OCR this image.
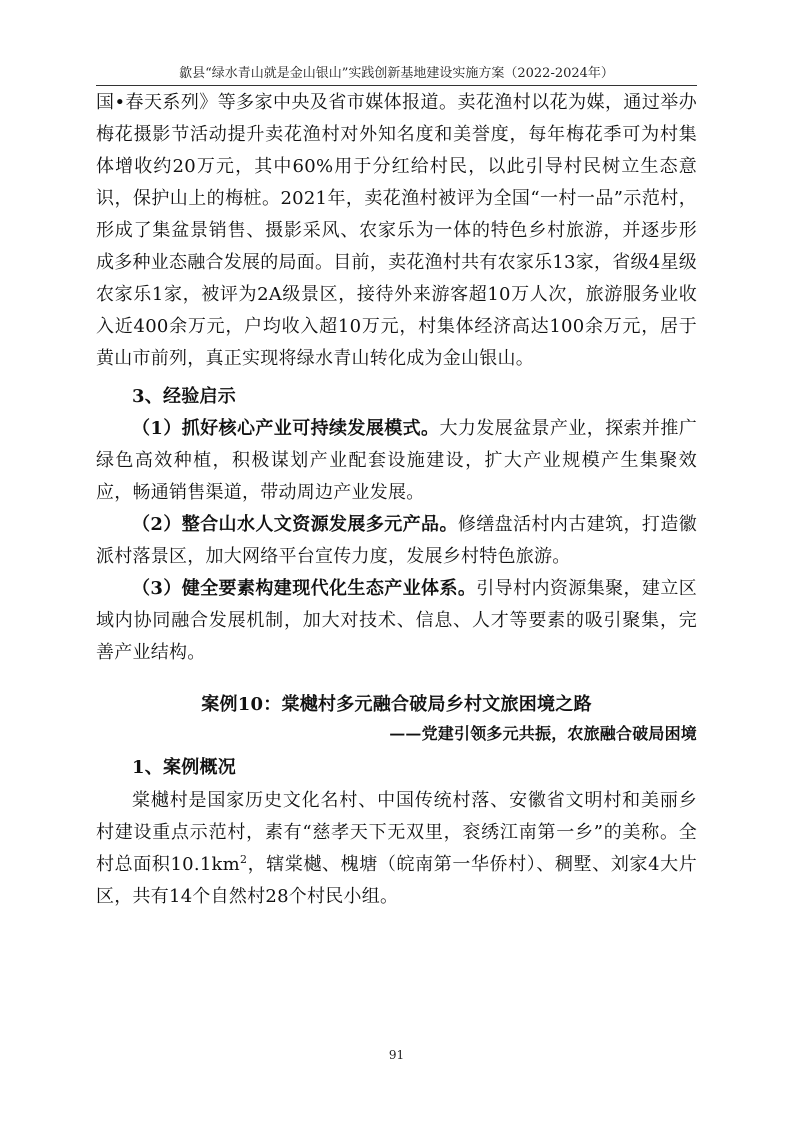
歙县“绿水青山就是金山银山”实践创新基地建设实施方案（2022-2024年）

国•春天系列》等多家中央及省市媒体报道。卖花渔村以花为媒，通过举办梅花摄影节活动提升卖花渔村对外知名度和美誉度，每年梅花季可为村集体增收约20万元，其中60%用于分红给村民，以此引导村民树立生态意识，保护山上的梅桩。2021年，卖花渔村被评为全国“一村一品”示范村，形成了集盆景销售、摄影采风、农家乐为一体的特色乡村旅游，并逐步形成多种业态融合发展的局面。目前，卖花渔村共有农家乐13家，省级4星级农家乐1家，被评为2A级景区，接待外来游客超10万人次，旅游服务业收入近400余万元，户均收入超10万元，村集体经济高达100余万元，居于黄山市前列，真正实现将绿水青山转化成为金山银山。

3、经验启示

（1）抓好核心产业可持续发展模式。大力发展盆景产业，探索并推广绿色高效种植，积极谋划产业配套设施建设，扩大产业规模产生集聚效应，畅通销售渠道，带动周边产业发展。

（2）整合山水人文资源发展多元产品。修缮盘活村内古建筑，打造徽派村落景区，加大网络平台宣传力度，发展乡村特色旅游。

（3）健全要素构建现代化生态产业体系。引导村内资源集聚，建立区域内协同融合发展机制，加大对技术、信息、人才等要素的吸引聚集，完善产业结构。

案例10：棠樾村多元融合破局乡村文旅困境之路

——党建引领多元共振，农旅融合破局困境

1、案例概况

棠樾村是国家历史文化名村、中国传统村落、安徽省文明村和美丽乡村建设重点示范村，素有“慈孝天下无双里，衮绣江南第一乡”的美称。全村总面积$10.1km^2$，辖棠樾、槐塘（皖南第一华侨村）、稠墅、刘家4大片区，共有14个自然村28个村民小组。

91
